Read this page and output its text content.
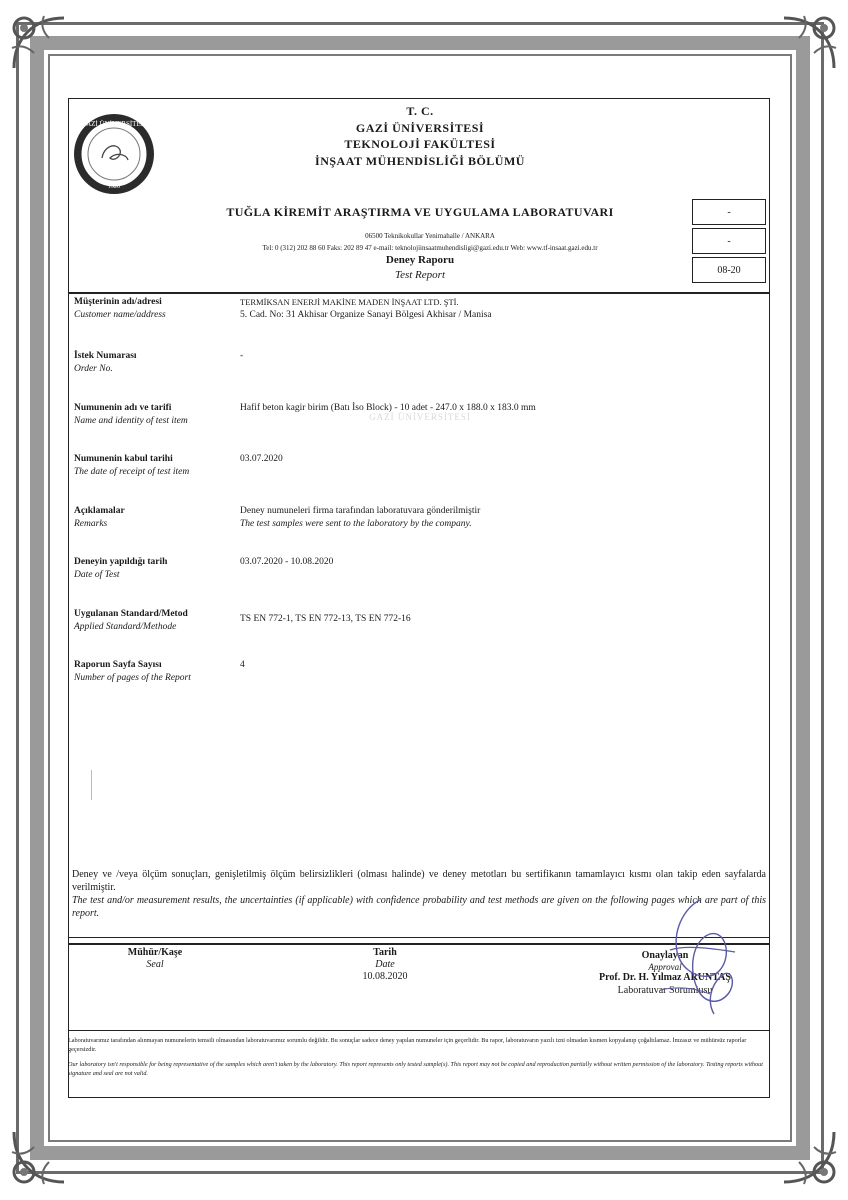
GAZİ ÜNİVERSİTESİ
1926
T. C.
GAZİ ÜNİVERSİTESİ
TEKNOLOJİ FAKÜLTESİ
İNŞAAT MÜHENDİSLİĞİ BÖLÜMÜ
TUĞLA KİREMİT ARAŞTIRMA VE UYGULAMA LABORATUVARI
06500 Teknikokullar Yenimahalle / ANKARA
Tel: 0 (312) 202 88 60 Faks: 202 89 47 e-mail: teknolojiinsaatmuhendisligi@gazi.edu.tr Web: www.tf-insaat.gazi.edu.tr
Deney Raporu
Test Report
-
-
08-20
GAZİ ÜNİVERSİTESİ
Müşterinin adı/adresi
Customer name/address
TERMİKSAN ENERJİ MAKİNE MADEN İNŞAAT LTD. ŞTİ.
5. Cad. No: 31 Akhisar Organize Sanayi Bölgesi Akhisar / Manisa
İstek Numarası
Order No.
-
Numunenin adı ve tarifi
Name and identity of test item
Hafif beton kagir birim (Batı İso Block) - 10 adet - 247.0 x 188.0 x 183.0 mm
Numunenin kabul tarihi
The date of receipt of test item
03.07.2020
Açıklamalar
Remarks
Deney numuneleri firma tarafından laboratuvara gönderilmiştir
The test samples were sent to the laboratory by the company.
Deneyin yapıldığı tarih
Date of Test
03.07.2020 - 10.08.2020
Uygulanan Standard/Metod
Applied Standard/Methode
TS EN 772-1, TS EN 772-13, TS EN 772-16
Raporun Sayfa Sayısı
Number of pages of the Report
4
Deney ve /veya ölçüm sonuçları, genişletilmiş ölçüm belirsizlikleri (olması halinde) ve deney metotları bu sertifikanın tamamlayıcı kısmı olan takip eden sayfalarda verilmiştir.
The test and/or measurement results, the uncertainties (if applicable) with confidence probability and test methods are given on the following pages which are part of this report.
Mühür/Kaşe
Seal
Tarih
Date
10.08.2020
Onaylayan
Approval
Prof. Dr. H. Yılmaz ARUNTAŞ
Laboratuvar Sorumlusu
Laboratuvarımız tarafından alınmayan numunelerin temsili olmasından laboratuvarımız sorumlu değildir. Bu sonuçlar sadece deney yapılan numuneler için geçerlidir. Bu rapor, laboratuvarın yazılı izni olmadan kısmen kopyalanıp çoğaltılamaz. İmzasız ve mühürsüz raporlar geçersizdir.
Our laboratory isn't responsible for being representative of the samples which aren't taken by the laboratory. This report represents only tested sample(s). This report may not be copied and reproduction partially without written permission of the laboratory. Testing reports without signature and seal are not valid.
